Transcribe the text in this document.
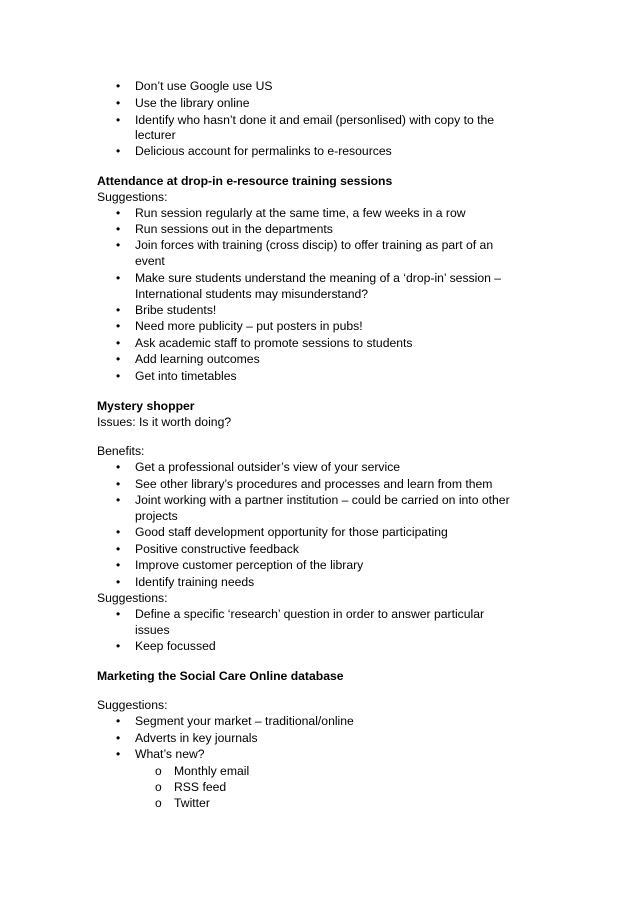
• Don’t use Google use US
• Use the library online
• Identify who hasn’t done it and email (personlised) with copy to the
lecturer
• Delicious account for permalinks to e-resources
Attendance at drop-in e-resource training sessions
Suggestions:
• Run session regularly at the same time, a few weeks in a row
• Run sessions out in the departments
• Join forces with training (cross discip) to offer training as part of an
event
• Make sure students understand the meaning of a ‘drop-in’ session –
International students may misunderstand?
• Bribe students!
• Need more publicity – put posters in pubs!
• Ask academic staff to promote sessions to students
• Add learning outcomes
• Get into timetables
Mystery shopper
Issues: Is it worth doing?
Benefits:
• Get a professional outsider’s view of your service
• See other library’s procedures and processes and learn from them
• Joint working with a partner institution – could be carried on into other
projects
• Good staff development opportunity for those participating
• Positive constructive feedback
• Improve customer perception of the library
• Identify training needs
Suggestions:
• Define a specific ‘research’ question in order to answer particular
issues
• Keep focussed
Marketing the Social Care Online database
Suggestions:
• Segment your market – traditional/online
• Adverts in key journals
• What’s new?
o Monthly email
o RSS feed
o Twitter
